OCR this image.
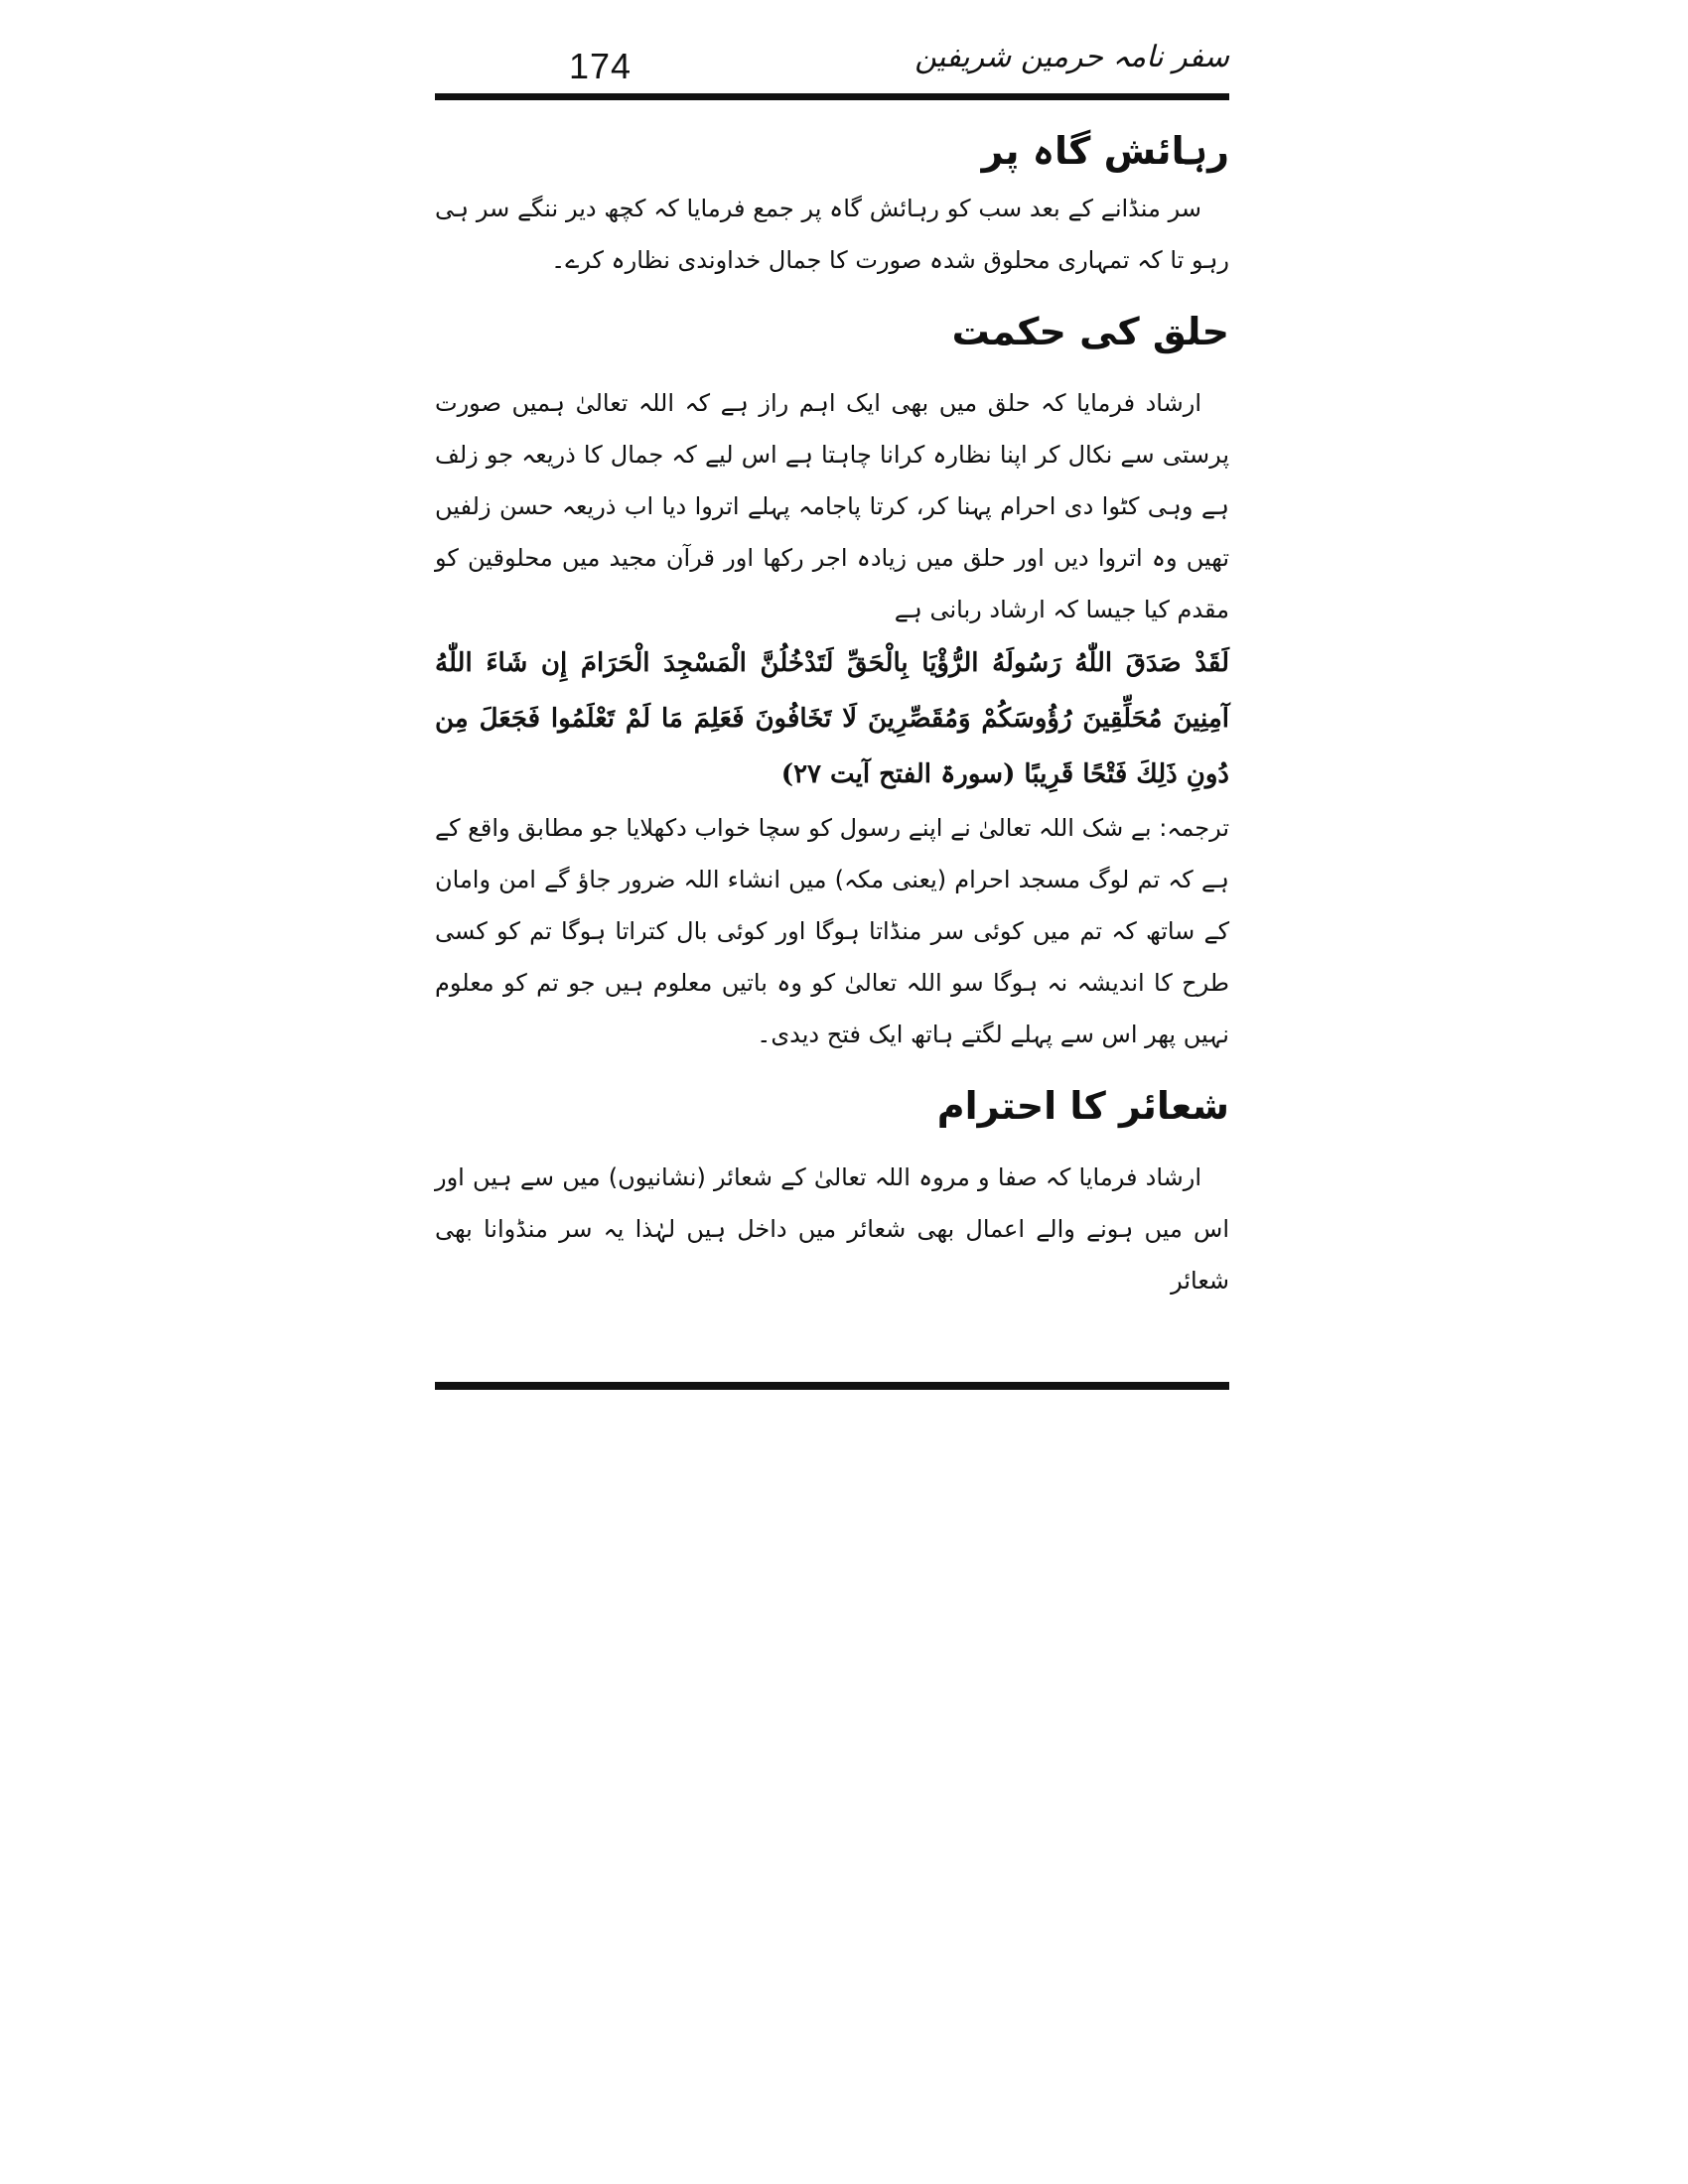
174	سفر نامہ حرمین شریفین
رہائش گاہ پر

سر منڈانے کے بعد سب کو رہائش گاہ پر جمع فرمایا کہ کچھ دیر ننگے سر ہی رہو تا کہ تمہاری محلوق شدہ صورت کا جمال خداوندی نظارہ کرے۔

حلق کی حکمت

ارشاد فرمایا کہ حلق میں بھی ایک اہم راز ہے کہ اللہ تعالیٰ ہمیں صورت پرستی سے نکال کر اپنا نظارہ کرانا چاہتا ہے اس لیے کہ جمال کا ذریعہ جو زلف ہے وہی کٹوا دی احرام پہنا کر، کرتا پاجامہ پہلے اتروا دیا اب ذریعہ حسن زلفیں تھیں وہ اتروا دیں اور حلق میں زیادہ اجر رکھا اور قرآن مجید میں محلوقین کو مقدم کیا جیسا کہ ارشاد ربانی ہے

لَقَدْ صَدَقَ اللّٰهُ رَسُولَهُ الرُّؤْيَا بِالْحَقِّ لَتَدْخُلُنَّ الْمَسْجِدَ الْحَرَامَ إِن شَاءَ اللّٰهُ آمِنِينَ مُحَلِّقِينَ رُؤُوسَكُمْ وَمُقَصِّرِينَ لَا تَخَافُونَ فَعَلِمَ مَا لَمْ تَعْلَمُوا فَجَعَلَ مِن دُونِ ذَلِكَ فَتْحًا قَرِيبًا (سورۃ الفتح آیت ۲۷)

ترجمہ: بے شک اللہ تعالیٰ نے اپنے رسول کو سچا خواب دکھلایا جو مطابق واقع کے ہے کہ تم لوگ مسجد احرام (یعنی مکہ) میں انشاء اللہ ضرور جاؤ گے امن وامان کے ساتھ کہ تم میں کوئی سر منڈاتا ہوگا اور کوئی بال کتراتا ہوگا تم کو کسی طرح کا اندیشہ نہ ہوگا سو اللہ تعالیٰ کو وہ باتیں معلوم ہیں جو تم کو معلوم نہیں پھر اس سے پہلے لگتے ہاتھ ایک فتح دیدی۔

شعائر کا احترام

ارشاد فرمایا کہ صفا و مروہ اللہ تعالیٰ کے شعائر (نشانیوں) میں سے ہیں اور اس میں ہونے والے اعمال بھی شعائر میں داخل ہیں لہٰذا یہ سر منڈوانا بھی شعائر
